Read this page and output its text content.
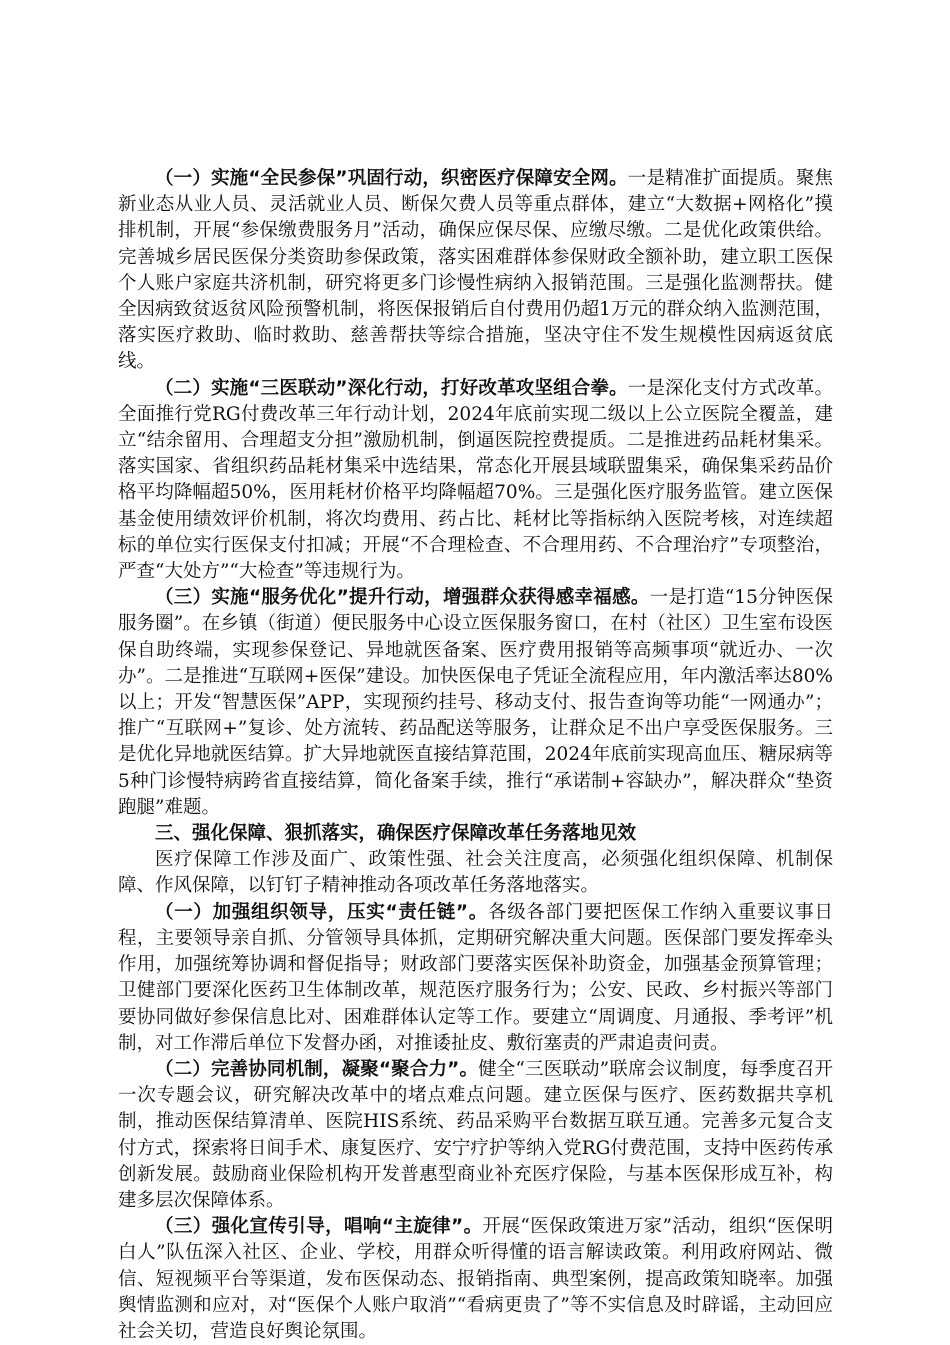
（一）实施“全民参保”巩固行动，织密医疗保障安全网。一是精准扩面提质。聚焦新业态从业人员、灵活就业人员、断保欠费人员等重点群体，建立“大数据+网格化”摸排机制，开展“参保缴费服务月”活动，确保应保尽保、应缴尽缴。二是优化政策供给。完善城乡居民医保分类资助参保政策，落实困难群体参保财政全额补助，建立职工医保个人账户家庭共济机制，研究将更多门诊慢性病纳入报销范围。三是强化监测帮扶。健全因病致贫返贫风险预警机制，将医保报销后自付费用仍超1万元的群众纳入监测范围，落实医疗救助、临时救助、慈善帮扶等综合措施，坚决守住不发生规模性因病返贫底线。

（二）实施“三医联动”深化行动，打好改革攻坚组合拳。一是深化支付方式改革。全面推行党RG付费改革三年行动计划，2024年底前实现二级以上公立医院全覆盖，建立“结余留用、合理超支分担”激励机制，倒逼医院控费提质。二是推进药品耗材集采。落实国家、省组织药品耗材集采中选结果，常态化开展县域联盟集采，确保集采药品价格平均降幅超50%，医用耗材价格平均降幅超70%。三是强化医疗服务监管。建立医保基金使用绩效评价机制，将次均费用、药占比、耗材比等指标纳入医院考核，对连续超标的单位实行医保支付扣减；开展“不合理检查、不合理用药、不合理治疗”专项整治，严查“大处方”“大检查”等违规行为。

（三）实施“服务优化”提升行动，增强群众获得感幸福感。一是打造“15分钟医保服务圈”。在乡镇（街道）便民服务中心设立医保服务窗口，在村（社区）卫生室布设医保自助终端，实现参保登记、异地就医备案、医疗费用报销等高频事项“就近办、一次办”。二是推进“互联网+医保”建设。加快医保电子凭证全流程应用，年内激活率达80%以上；开发“智慧医保”APP，实现预约挂号、移动支付、报告查询等功能“一网通办”；推广“互联网+”复诊、处方流转、药品配送等服务，让群众足不出户享受医保服务。三是优化异地就医结算。扩大异地就医直接结算范围，2024年底前实现高血压、糖尿病等5种门诊慢特病跨省直接结算，简化备案手续，推行“承诺制+容缺办”，解决群众“垫资跑腿”难题。

三、强化保障、狠抓落实，确保医疗保障改革任务落地见效

医疗保障工作涉及面广、政策性强、社会关注度高，必须强化组织保障、机制保障、作风保障，以钉钉子精神推动各项改革任务落地落实。

（一）加强组织领导，压实“责任链”。各级各部门要把医保工作纳入重要议事日程，主要领导亲自抓、分管领导具体抓，定期研究解决重大问题。医保部门要发挥牵头作用，加强统筹协调和督促指导；财政部门要落实医保补助资金，加强基金预算管理；卫健部门要深化医药卫生体制改革，规范医疗服务行为；公安、民政、乡村振兴等部门要协同做好参保信息比对、困难群体认定等工作。要建立“周调度、月通报、季考评”机制，对工作滞后单位下发督办函，对推诿扯皮、敷衍塞责的严肃追责问责。

（二）完善协同机制，凝聚“聚合力”。健全“三医联动”联席会议制度，每季度召开一次专题会议，研究解决改革中的堵点难点问题。建立医保与医疗、医药数据共享机制，推动医保结算清单、医院HIS系统、药品采购平台数据互联互通。完善多元复合支付方式，探索将日间手术、康复医疗、安宁疗护等纳入党RG付费范围，支持中医药传承创新发展。鼓励商业保险机构开发普惠型商业补充医疗保险，与基本医保形成互补，构建多层次保障体系。

（三）强化宣传引导，唱响“主旋律”。开展“医保政策进万家”活动，组织“医保明白人”队伍深入社区、企业、学校，用群众听得懂的语言解读政策。利用政府网站、微信、短视频平台等渠道，发布医保动态、报销指南、典型案例，提高政策知晓率。加强舆情监测和应对，对“医保个人账户取消”“看病更贵了”等不实信息及时辟谣，主动回应社会关切，营造良好舆论氛围。
